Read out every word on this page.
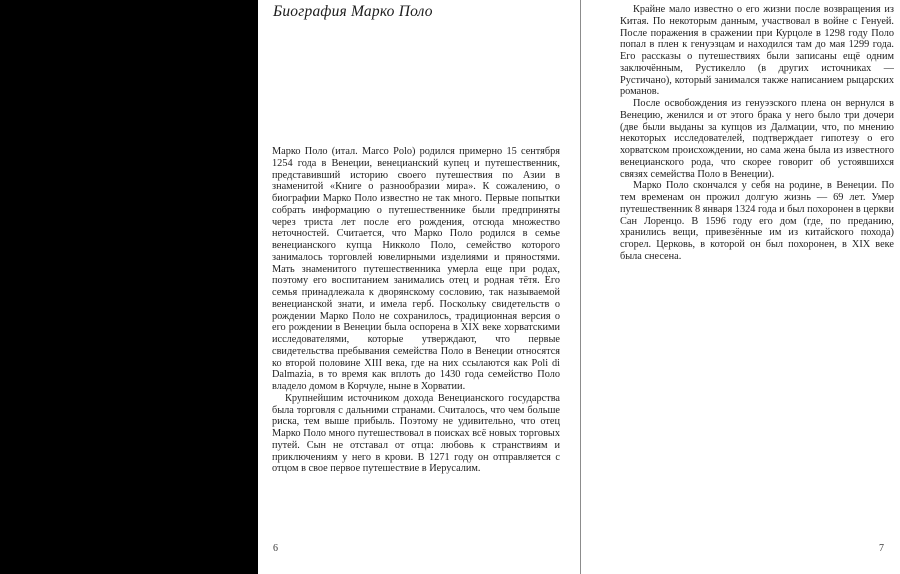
Биография Марко Поло

Марко Поло (итал. Marco Polo) родился примерно 15 сентября 1254 года в Венеции, венецианский купец и путешественник, представивший историю своего путешествия по Азии в знаменитой «Книге о разнообразии мира». К сожалению, о биографии Марко Поло известно не так много. Первые попытки собрать информацию о путешественнике были предприняты через триста лет после его рождения, отсюда множество неточностей. Считается, что Марко Поло родился в семье венецианского купца Никколо Поло, семейство которого занималось торговлей ювелирными изделиями и пряностями. Мать знаменитого путешественника умерла еще при родах, поэтому его воспитанием занимались отец и родная тётя. Его семья принадлежала к дворянскому сословию, так называемой венецианской знати, и имела герб. Поскольку свидетельств о рождении Марко Поло не сохранилось, традиционная версия о его рождении в Венеции была оспорена в XIX веке хорватскими исследователями, которые утверждают, что первые свидетельства пребывания семейства Поло в Венеции относятся ко второй половине XIII века, где на них ссылаются как Poli di Dalmazia, в то время как вплоть до 1430 года семейство Поло владело домом в Корчуле, ныне в Хорватии.

Крупнейшим источником дохода Венецианского государства была торговля с дальними странами. Считалось, что чем больше риска, тем выше прибыль. Поэтому не удивительно, что отец Марко Поло много путешествовал в поисках всё новых торговых путей. Сын не отставал от отца: любовь к странствиям и приключениям у него в крови. В 1271 году он отправляется с отцом в свое первое путешествие в Иерусалим.

6

Крайне мало известно о его жизни после возвращения из Китая. По некоторым данным, участвовал в войне с Генуей. После поражения в сражении при Курцоле в 1298 году Поло попал в плен к генуэзцам и находился там до мая 1299 года. Его рассказы о путешествиях были записаны ещё одним заключённым, Рустикелло (в других источниках — Рустичано), который занимался также написанием рыцарских романов.

После освобождения из генуэзского плена он вернулся в Венецию, женился и от этого брака у него было три дочери (две были выданы за купцов из Далмации, что, по мнению некоторых исследователей, подтверждает гипотезу о его хорватском происхождении, но сама жена была из известного венецианского рода, что скорее говорит об устоявшихся связях семейства Поло в Венеции).

Марко Поло скончался у себя на родине, в Венеции. По тем временам он прожил долгую жизнь — 69 лет. Умер путешественник 8 января 1324 года и был похоронен в церкви Сан Лоренцо. В 1596 году его дом (где, по преданию, хранились вещи, привезённые им из китайского похода) сгорел. Церковь, в которой он был похоронен, в XIX веке была снесена.

7
